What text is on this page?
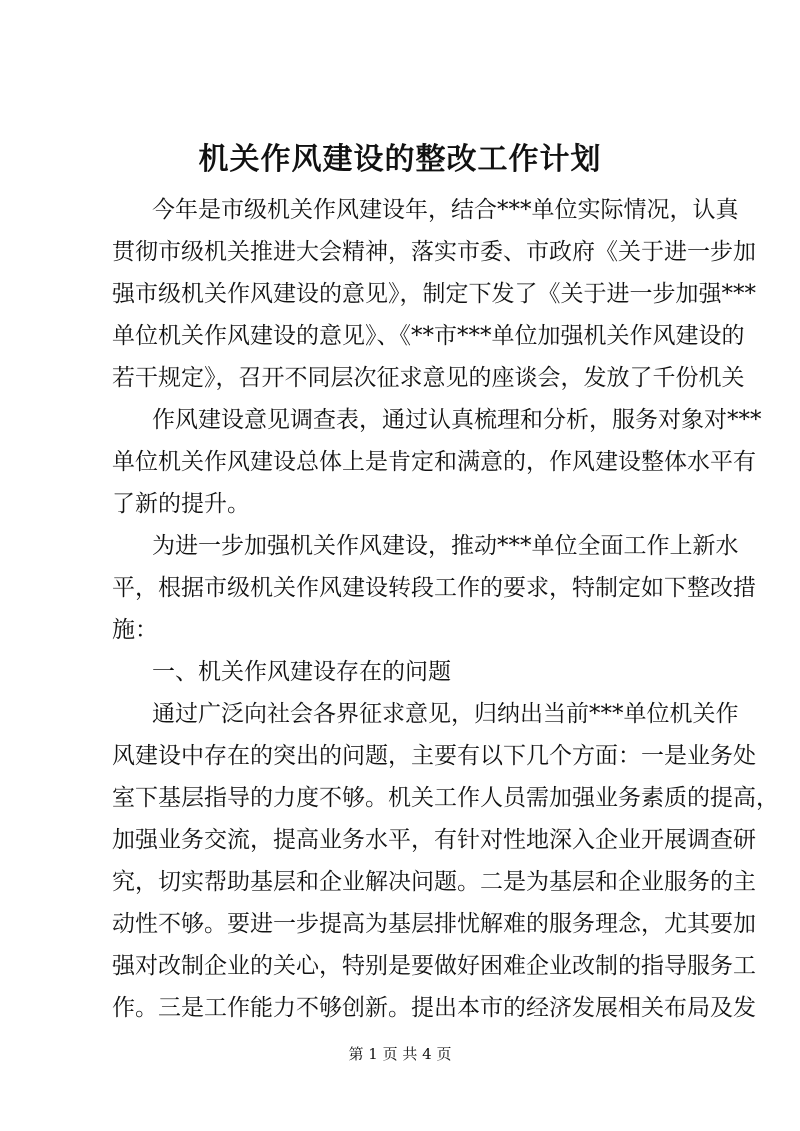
机关作风建设的整改工作计划

今年是市级机关作风建设年，结合***单位实际情况，认真

贯彻市级机关推进大会精神，落实市委、市政府《关于进一步加

强市级机关作风建设的意见》，制定下发了《关于进一步加强***

单位机关作风建设的意见》、《**市***单位加强机关作风建设的

若干规定》，召开不同层次征求意见的座谈会，发放了千份机关

作风建设意见调查表，通过认真梳理和分析，服务对象对***

单位机关作风建设总体上是肯定和满意的，作风建设整体水平有

了新的提升。

为进一步加强机关作风建设，推动***单位全面工作上新水

平，根据市级机关作风建设转段工作的要求，特制定如下整改措

施：

一、机关作风建设存在的问题

通过广泛向社会各界征求意见，归纳出当前***单位机关作

风建设中存在的突出的问题，主要有以下几个方面：一是业务处

室下基层指导的力度不够。机关工作人员需加强业务素质的提高，

加强业务交流，提高业务水平，有针对性地深入企业开展调查研

究，切实帮助基层和企业解决问题。二是为基层和企业服务的主

动性不够。要进一步提高为基层排忧解难的服务理念，尤其要加

强对改制企业的关心，特别是要做好困难企业改制的指导服务工

作。三是工作能力不够创新。提出本市的经济发展相关布局及发

第 1 页 共 4 页
